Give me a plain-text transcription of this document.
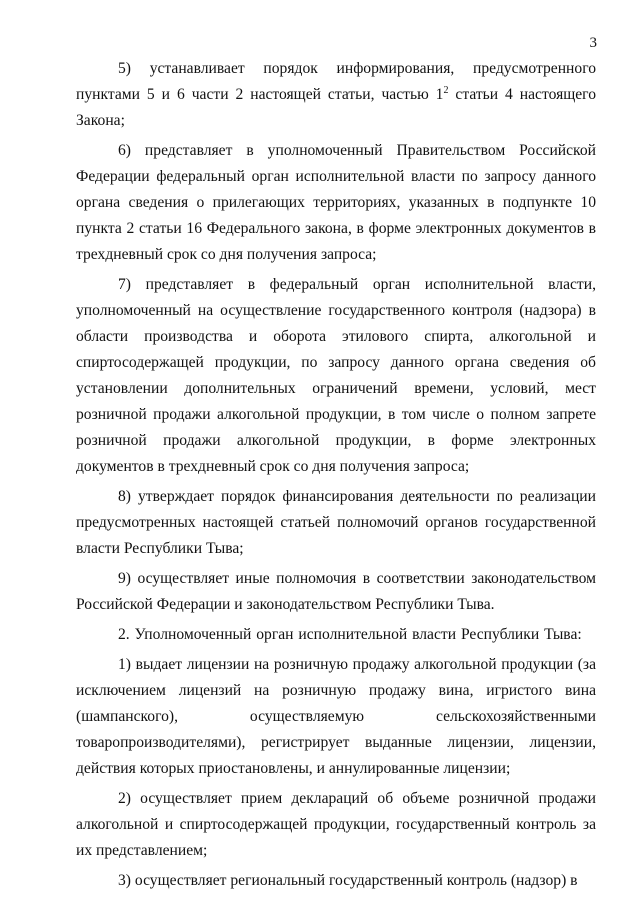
3

5) устанавливает порядок информирования, предусмотренного пунктами 5 и 6 части 2 настоящей статьи, частью $1^2$ статьи 4 настоящего Закона;

6) представляет в уполномоченный Правительством Российской Федерации федеральный орган исполнительной власти по запросу данного органа сведения о прилегающих территориях, указанных в подпункте 10 пункта 2 статьи 16 Федерального закона, в форме электронных документов в трехдневный срок со дня получения запроса;

7) представляет в федеральный орган исполнительной власти, уполномоченный на осуществление государственного контроля (надзора) в области производства и оборота этилового спирта, алкогольной и спиртосодержащей продукции, по запросу данного органа сведения об установлении дополнительных ограничений времени, условий, мест розничной продажи алкогольной продукции, в том числе о полном запрете розничной продажи алкогольной продукции, в форме электронных документов в трехдневный срок со дня получения запроса;

8) утверждает порядок финансирования деятельности по реализации предусмотренных настоящей статьей полномочий органов государственной власти Республики Тыва;

9) осуществляет иные полномочия в соответствии законодательством Российской Федерации и законодательством Республики Тыва.

2. Уполномоченный орган исполнительной власти Республики Тыва:

1) выдает лицензии на розничную продажу алкогольной продукции (за исключением лицензий на розничную продажу вина, игристого вина (шампанского), осуществляемую сельскохозяйственными товаропроизводителями), регистрирует выданные лицензии, лицензии, действия которых приостановлены, и аннулированные лицензии;

2) осуществляет прием деклараций об объеме розничной продажи алкогольной и спиртосодержащей продукции, государственный контроль за их представлением;

3) осуществляет региональный государственный контроль (надзор) в
